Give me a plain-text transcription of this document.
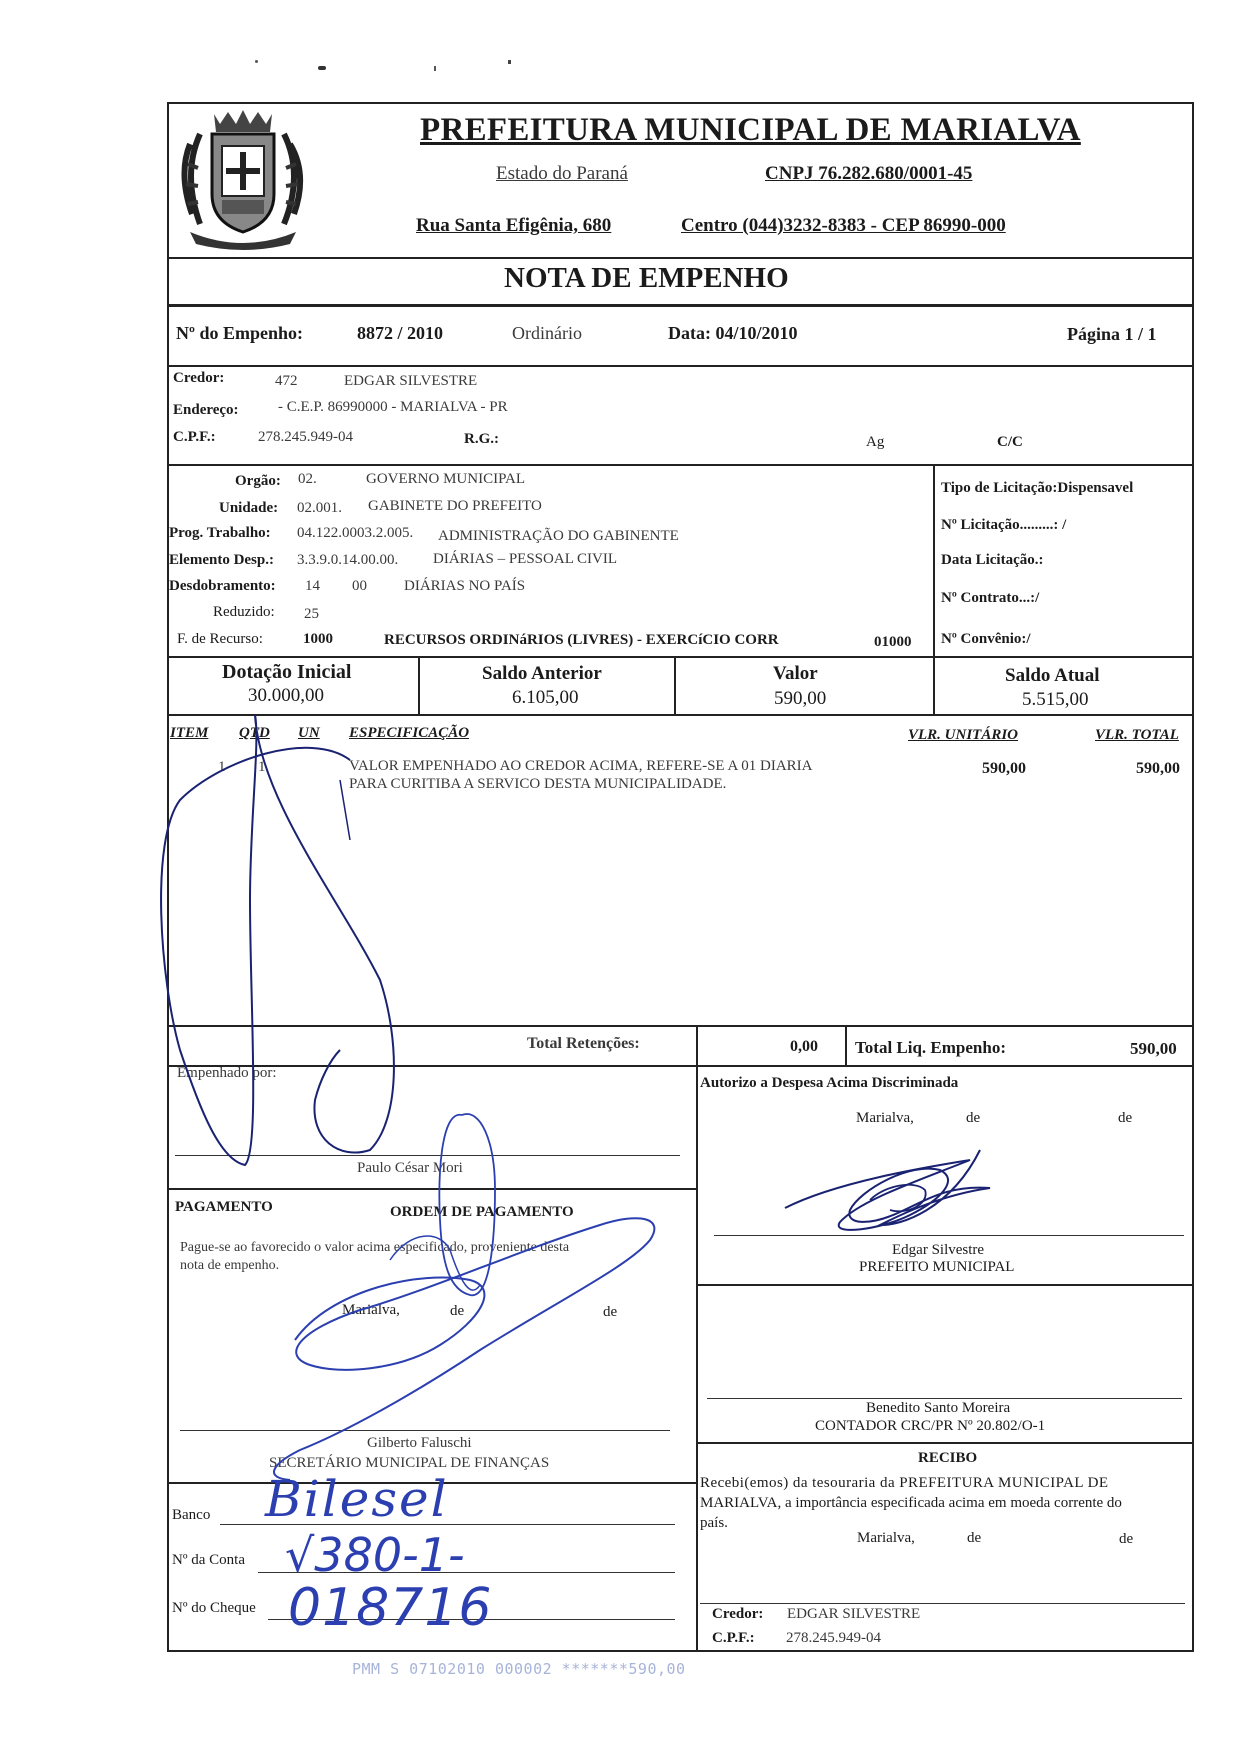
PREFEITURA MUNICIPAL DE MARIALVA
Estado do Paraná	CNPJ 76.282.680/0001-45
Rua Santa Efigênia, 680	Centro (044)3232-8383 - CEP 86990-000
NOTA DE EMPENHO
Nº do Empenho:	8872 / 2010	Ordinário	Data: 04/10/2010	Página 1 / 1
Credor:	472	EDGAR SILVESTRE
Endereço:	- C.E.P. 86990000 - MARIALVA - PR
C.P.F.:	278.245.949-04	R.G.:	Ag	C/C
Orgão: 02.	GOVERNO MUNICIPAL
Unidade: 02.001. GABINETE DO PREFEITO
Prog. Trabalho: 04.122.0003.2.005. ADMINISTRAÇÃO DO GABINENTE
Elemento Desp.: 3.3.9.0.14.00.00. DIÁRIAS – PESSOAL CIVIL
Desdobramento: 14 00 DIÁRIAS NO PAÍS
Reduzido: 25
F. de Recurso:	1000	RECURSOS ORDINáRIOS (LIVRES) - EXERCíCIO CORR	01000
Tipo de Licitação:Dispensavel
Nº Licitação.........: /
Data Licitação.:
Nº Contrato...:/
Nº Convênio:/
Dotação Inicial
30.000,00
Saldo Anterior
6.105,00
Valor
590,00
Saldo Atual
5.515,00
ITEM QTD UN ESPECIFICAÇÃO	VLR. UNITÁRIO	VLR. TOTAL
1 1	VALOR EMPENHADO AO CREDOR ACIMA, REFERE-SE A 01 DIARIA
PARA CURITIBA A SERVICO DESTA MUNICIPALIDADE.
590,00	590,00
Total Retenções:	0,00 Total Liq. Empenho:	590,00
Empenhado por:
Paulo César Mori
Autorizo a Despesa Acima Discriminada
Marialva,	de	de
Edgar Silvestre
PREFEITO MUNICIPAL
PAGAMENTO	ORDEM DE PAGAMENTO
Pague-se ao favorecido o valor acima especificado, proveniente desta
nota de empenho.
Marialva,	de	de
Gilberto Faluschi
SECRETÁRIO MUNICIPAL DE FINANÇAS
Banco
Nº da Conta
Nº do Cheque
Bilesel
√380-1-
018716
Benedito Santo Moreira
CONTADOR CRC/PR Nº 20.802/O-1
RECIBO
Recebi(emos) da tesouraria da PREFEITURA MUNICIPAL DE
MARIALVA, a importância especificada acima em moeda corrente do
país.
Marialva,	de	de
Credor: EDGAR SILVESTRE
C.P.F.: 278.245.949-04
PMM S 07102010 000002 *******590,00
